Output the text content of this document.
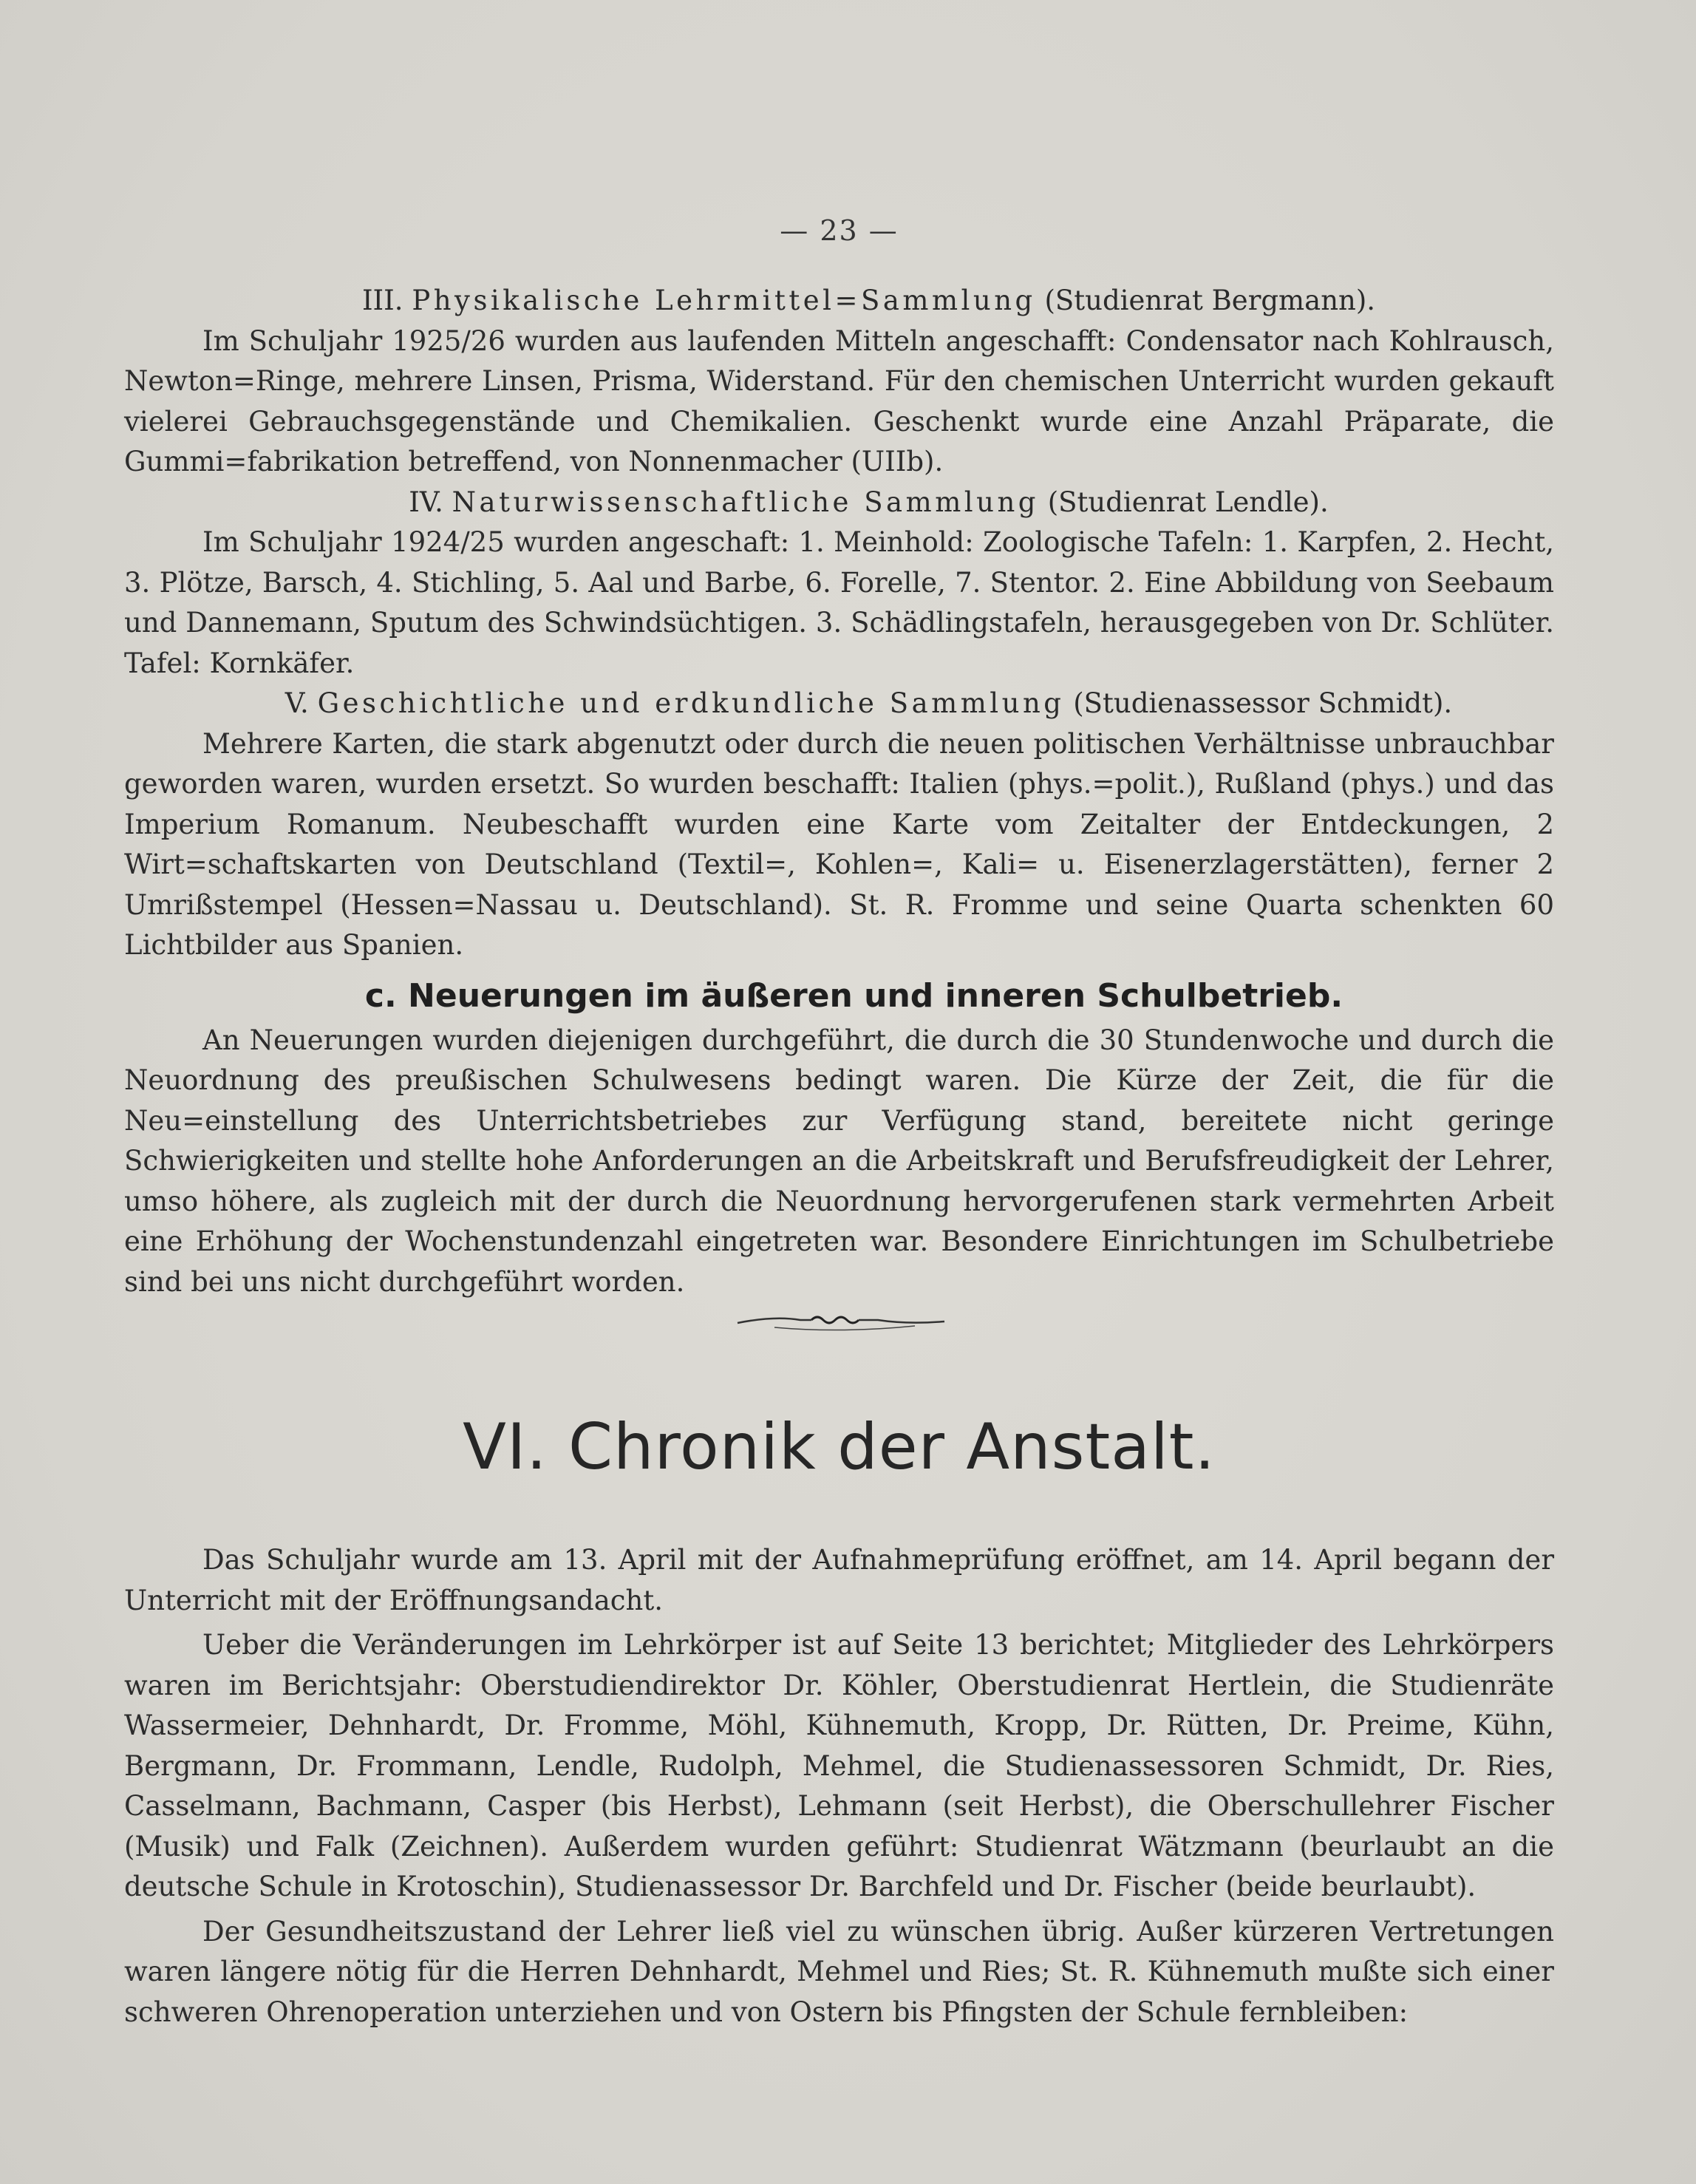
— 23 —
III. Physikalische Lehrmittel=Sammlung (Studienrat Bergmann).

Im Schuljahr 1925/26 wurden aus laufenden Mitteln angeschafft: Condensator nach Kohlrausch, Newton=Ringe, mehrere Linsen, Prisma, Widerstand. Für den chemischen Unterricht wurden gekauft vielerei Gebrauchsgegenstände und Chemikalien. Geschenkt wurde eine Anzahl Präparate, die Gummi=fabrikation betreffend, von Nonnenmacher (UIIb).

IV. Naturwissenschaftliche Sammlung (Studienrat Lendle).

Im Schuljahr 1924/25 wurden angeschaft: 1. Meinhold: Zoologische Tafeln: 1. Karpfen, 2. Hecht, 3. Plötze, Barsch, 4. Stichling, 5. Aal und Barbe, 6. Forelle, 7. Stentor. 2. Eine Abbildung von Seebaum und Dannemann, Sputum des Schwindsüchtigen. 3. Schädlingstafeln, herausgegeben von Dr. Schlüter. Tafel: Kornkäfer.

V. Geschichtliche und erdkundliche Sammlung (Studienassessor Schmidt).

Mehrere Karten, die stark abgenutzt oder durch die neuen politischen Verhältnisse unbrauchbar geworden waren, wurden ersetzt. So wurden beschafft: Italien (phys.=polit.), Rußland (phys.) und das Imperium Romanum. Neubeschafft wurden eine Karte vom Zeitalter der Entdeckungen, 2 Wirt=schaftskarten von Deutschland (Textil=, Kohlen=, Kali= u. Eisenerzlagerstätten), ferner 2 Umrißstempel (Hessen=Nassau u. Deutschland). St. R. Fromme und seine Quarta schenkten 60 Lichtbilder aus Spanien.

c. Neuerungen im äußeren und inneren Schulbetrieb.

An Neuerungen wurden diejenigen durchgeführt, die durch die 30 Stundenwoche und durch die Neuordnung des preußischen Schulwesens bedingt waren. Die Kürze der Zeit, die für die Neu=einstellung des Unterrichtsbetriebes zur Verfügung stand, bereitete nicht geringe Schwierigkeiten und stellte hohe Anforderungen an die Arbeitskraft und Berufsfreudigkeit der Lehrer, umso höhere, als zugleich mit der durch die Neuordnung hervorgerufenen stark vermehrten Arbeit eine Erhöhung der Wochenstundenzahl eingetreten war. Besondere Einrichtungen im Schulbetriebe sind bei uns nicht durchgeführt worden.

VI. Chronik der Anstalt.

Das Schuljahr wurde am 13. April mit der Aufnahmeprüfung eröffnet, am 14. April begann der Unterricht mit der Eröffnungsandacht.

Ueber die Veränderungen im Lehrkörper ist auf Seite 13 berichtet; Mitglieder des Lehrkörpers waren im Berichtsjahr: Oberstudiendirektor Dr. Köhler, Oberstudienrat Hertlein, die Studienräte Wassermeier, Dehnhardt, Dr. Fromme, Möhl, Kühnemuth, Kropp, Dr. Rütten, Dr. Preime, Kühn, Bergmann, Dr. Frommann, Lendle, Rudolph, Mehmel, die Studienassessoren Schmidt, Dr. Ries, Casselmann, Bachmann, Casper (bis Herbst), Lehmann (seit Herbst), die Oberschullehrer Fischer (Musik) und Falk (Zeichnen). Außerdem wurden geführt: Studienrat Wätzmann (beurlaubt an die deutsche Schule in Krotoschin), Studienassessor Dr. Barchfeld und Dr. Fischer (beide beurlaubt).

Der Gesundheitszustand der Lehrer ließ viel zu wünschen übrig. Außer kürzeren Vertretungen waren längere nötig für die Herren Dehnhardt, Mehmel und Ries; St. R. Kühnemuth mußte sich einer schweren Ohrenoperation unterziehen und von Ostern bis Pfingsten der Schule fernbleiben:
